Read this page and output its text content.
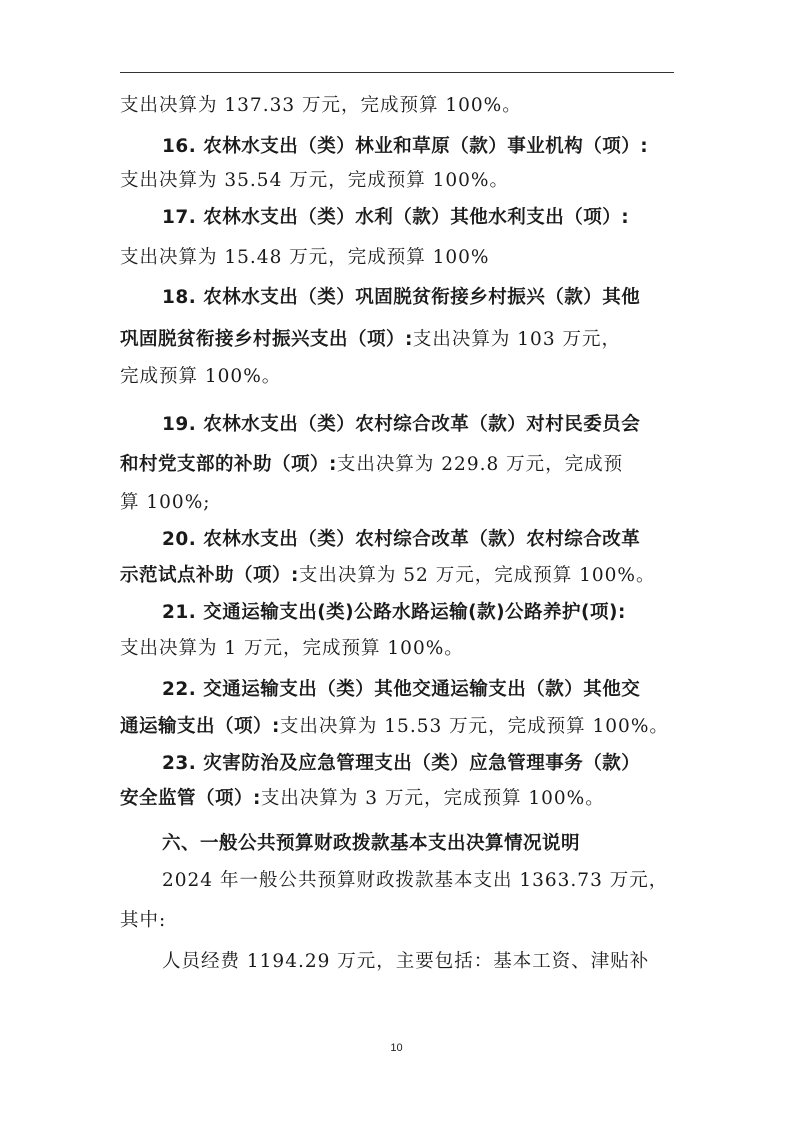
支出决算为 137.33 万元，完成预算 100%。
16. 农林水支出（类）林业和草原（款）事业机构（项）:
支出决算为 35.54 万元，完成预算 100%。
17. 农林水支出（类）水利（款）其他水利支出（项）:
支出决算为 15.48 万元，完成预算 100%
18. 农林水支出（类）巩固脱贫衔接乡村振兴（款）其他
巩固脱贫衔接乡村振兴支出（项）:支出决算为 103 万元，
完成预算 100%。
19. 农林水支出（类）农村综合改革（款）对村民委员会
和村党支部的补助（项）:支出决算为 229.8 万元，完成预
算 100%;
20. 农林水支出（类）农村综合改革（款）农村综合改革
示范试点补助（项）:支出决算为 52 万元，完成预算 100%。
21. 交通运输支出(类)公路水路运输(款)公路养护(项):
支出决算为 1 万元，完成预算 100%。
22. 交通运输支出（类）其他交通运输支出（款）其他交
通运输支出（项）:支出决算为 15.53 万元，完成预算 100%。
23. 灾害防治及应急管理支出（类）应急管理事务（款）
安全监管（项）:支出决算为 3 万元，完成预算 100%。
六、一般公共预算财政拨款基本支出决算情况说明
2024 年一般公共预算财政拨款基本支出 1363.73 万元，
其中:
人员经费 1194.29 万元，主要包括：基本工资、津贴补
10
